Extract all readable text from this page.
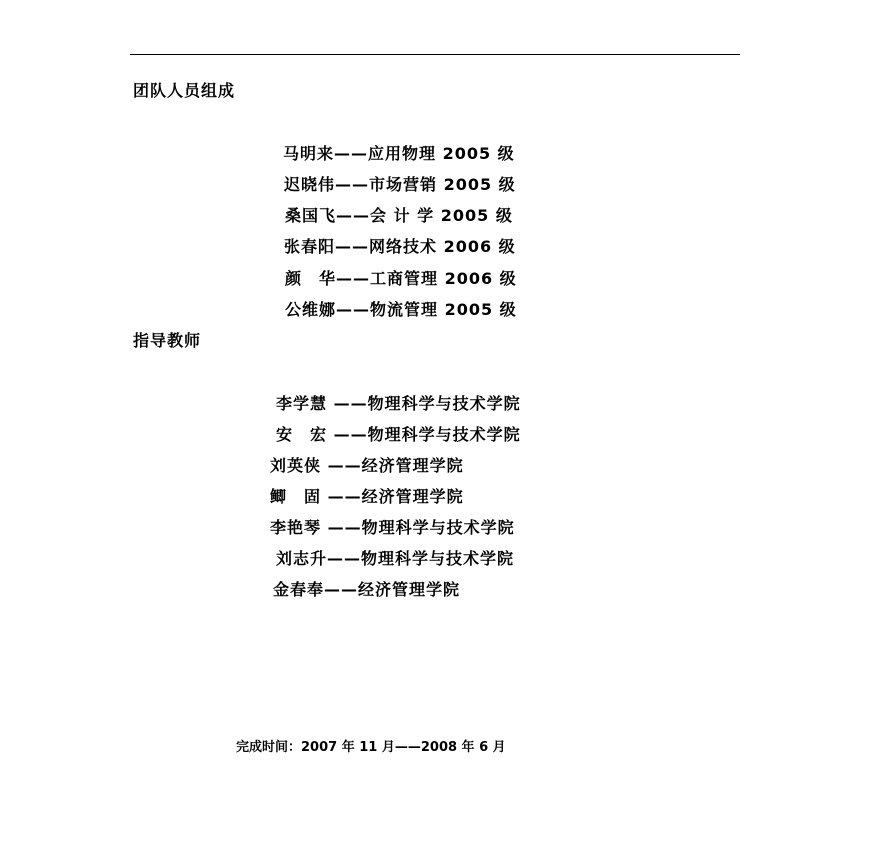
团队人员组成
马明来——应用物理 2005 级
迟晓伟——市场营销 2005 级
桑国飞——会 计 学 2005 级
张春阳——网络技术 2006 级
颜　华——工商管理 2006 级
公维娜——物流管理 2005 级
指导教师
李学慧 ——物理科学与技术学院
安　宏 ——物理科学与技术学院
刘英侠 ——经济管理学院
鲫　固 ——经济管理学院
李艳琴 ——物理科学与技术学院
刘志升——物理科学与技术学院
金春奉——经济管理学院
完成时间：2007 年 11 月——2008 年 6 月
